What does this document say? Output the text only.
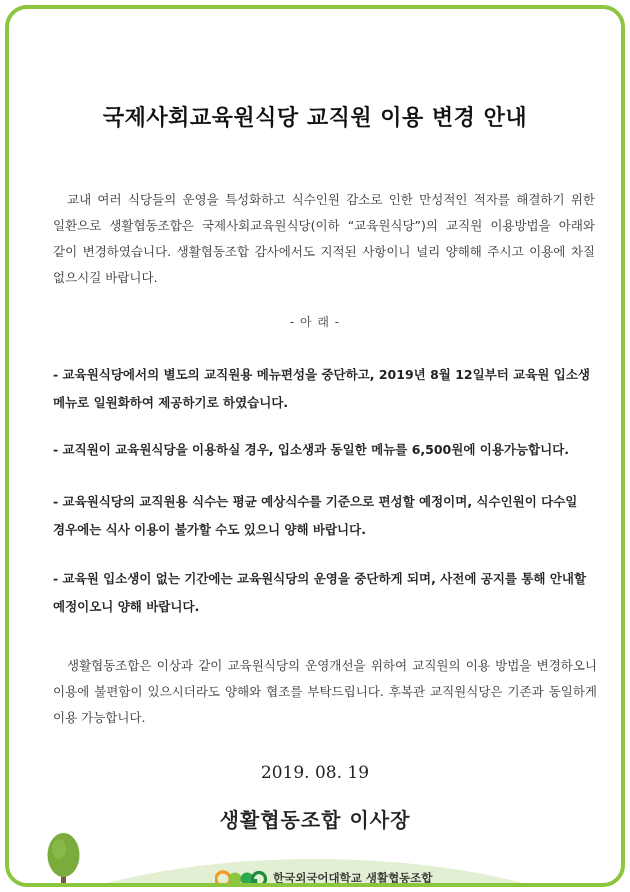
국제사회교육원식당 교직원 이용 변경 안내
교내 여러 식당들의 운영을 특성화하고 식수인원 감소로 인한 만성적인 적자를 해결하기 위한 일환으로 생활협동조합은 국제사회교육원식당(이하 “교육원식당”)의 교직원 이용방법을 아래와 같이 변경하였습니다. 생활협동조합 감사에서도 지적된 사항이니 널리 양해해 주시고 이용에 차질 없으시길 바랍니다.
- 아 래 -
- 교육원식당에서의 별도의 교직원용 메뉴편성을 중단하고, 2019년 8월 12일부터 교육원 입소생 메뉴로 일원화하여 제공하기로 하였습니다.
- 교직원이 교육원식당을 이용하실 경우, 입소생과 동일한 메뉴를 6,500원에 이용가능합니다.
- 교육원식당의 교직원용 식수는 평균 예상식수를 기준으로 편성할 예정이며, 식수인원이 다수일 경우에는 식사 이용이 불가할 수도 있으니 양해 바랍니다.
- 교육원 입소생이 없는 기간에는 교육원식당의 운영을 중단하게 되며, 사전에 공지를 통해 안내할 예정이오니 양해 바랍니다.
생활협동조합은 이상과 같이 교육원식당의 운영개선을 위하여 교직원의 이용 방법을 변경하오니 이용에 불편함이 있으시더라도 양해와 협조를 부탁드립니다. 후복관 교직원식당은 기존과 동일하게 이용 가능합니다.
2019. 08. 19
생활협동조합 이사장
한국외국어대학교 생활협동조합
